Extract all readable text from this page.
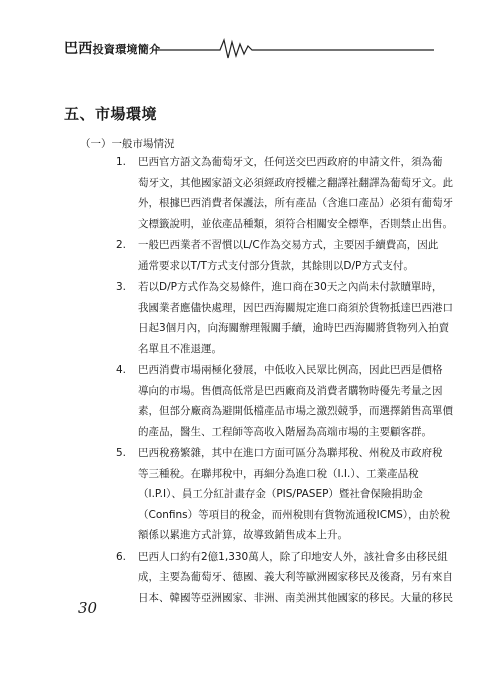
巴西投資環境簡介
五、市場環境
（一）一般市場情況
1.	巴西官方語文為葡萄牙文，任何送交巴西政府的申請文件，須為葡

萄牙文，其他國家語文必須經政府授權之翻譯社翻譯為葡萄牙文。此

外，根據巴西消費者保護法，所有產品（含進口產品）必須有葡萄牙

文標籤說明，並依產品種類，須符合相關安全標準，否則禁止出售。

2.	一般巴西業者不習慣以L/C作為交易方式，主要因手續費高，因此

通常要求以T/T方式支付部分貨款，其餘則以D/P方式支付。

3.	若以D/P方式作為交易條件，進口商在30天之內尚未付款贖單時，

我國業者應儘快處理，因巴西海關規定進口商須於貨物抵達巴西港口

日起3個月內，向海關辦理報關手續，逾時巴西海關將貨物列入拍賣

名單且不准退運。

4.	巴西消費市場兩極化發展，中低收入民眾比例高，因此巴西是價格

導向的市場。售價高低常是巴西廠商及消費者購物時優先考量之因

素，但部分廠商為避開低檔產品市場之激烈競爭，而選擇銷售高單價

的產品，醫生、工程師等高收入階層為高端市場的主要顧客群。

5.	巴西稅務繁雜，其中在進口方面可區分為聯邦稅、州稅及市政府稅

等三種稅。在聯邦稅中，再細分為進口稅（I.I.）、工業產品稅

（I.P.I）、員工分紅計畫存金（PIS/PASEP）暨社會保險捐助金

（Confins）等項目的稅金，而州稅則有貨物流通稅ICMS），由於稅

額係以累進方式計算，故導致銷售成本上升。

6.	巴西人口約有2億1,330萬人，除了印地安人外，該社會多由移民組

成，主要為葡萄牙、德國、義大利等歐洲國家移民及後裔，另有來自

日本、韓國等亞洲國家、非洲、南美洲其他國家的移民。大量的移民

30
